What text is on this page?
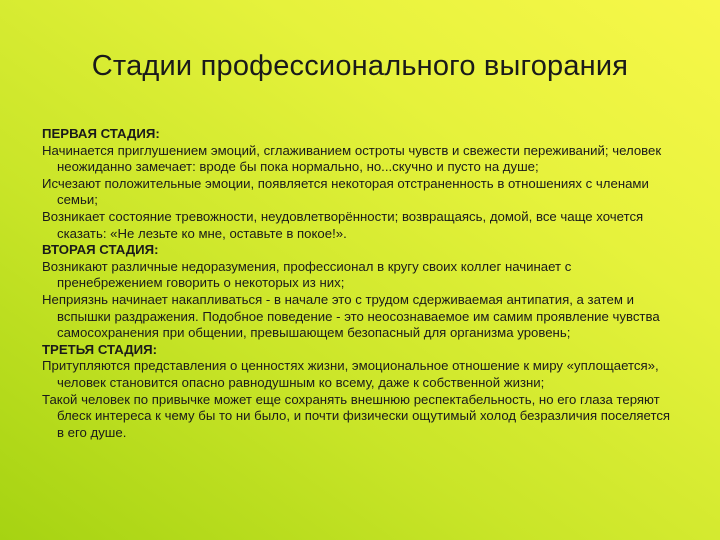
Стадии профессионального выгорания

ПЕРВАЯ СТАДИЯ:

Начинается приглушением эмоций, сглаживанием остроты чувств и свежести переживаний; человек неожиданно замечает: вроде бы пока нормально, но...скучно и пусто на душе;

Исчезают положительные эмоции, появляется некоторая отстраненность в отношениях с членами семьи;

Возникает состояние тревожности, неудовлетворённости; возвращаясь, домой, все чаще хочется сказать: «Не лезьте ко мне, оставьте в покое!».

ВТОРАЯ СТАДИЯ:

Возникают различные недоразумения, профессионал в кругу своих коллег начинает с пренебрежением говорить о некоторых из них;

Неприязнь начинает накапливаться - в начале это с трудом сдерживаемая антипатия, а затем и вспышки раздражения. Подобное поведение - это неосознаваемое им самим проявление чувства самосохранения при общении, превышающем безопасный для организма уровень;

ТРЕТЬЯ СТАДИЯ:

Притупляются представления о ценностях жизни, эмоциональное отношение к миру «уплощается», человек становится опасно равнодушным ко всему, даже к собственной жизни;

Такой человек по привычке может еще сохранять внешнюю респектабельность, но его глаза теряют блеск интереса к чему бы то ни было, и почти физически ощутимый холод безразличия поселяется в его душе.
